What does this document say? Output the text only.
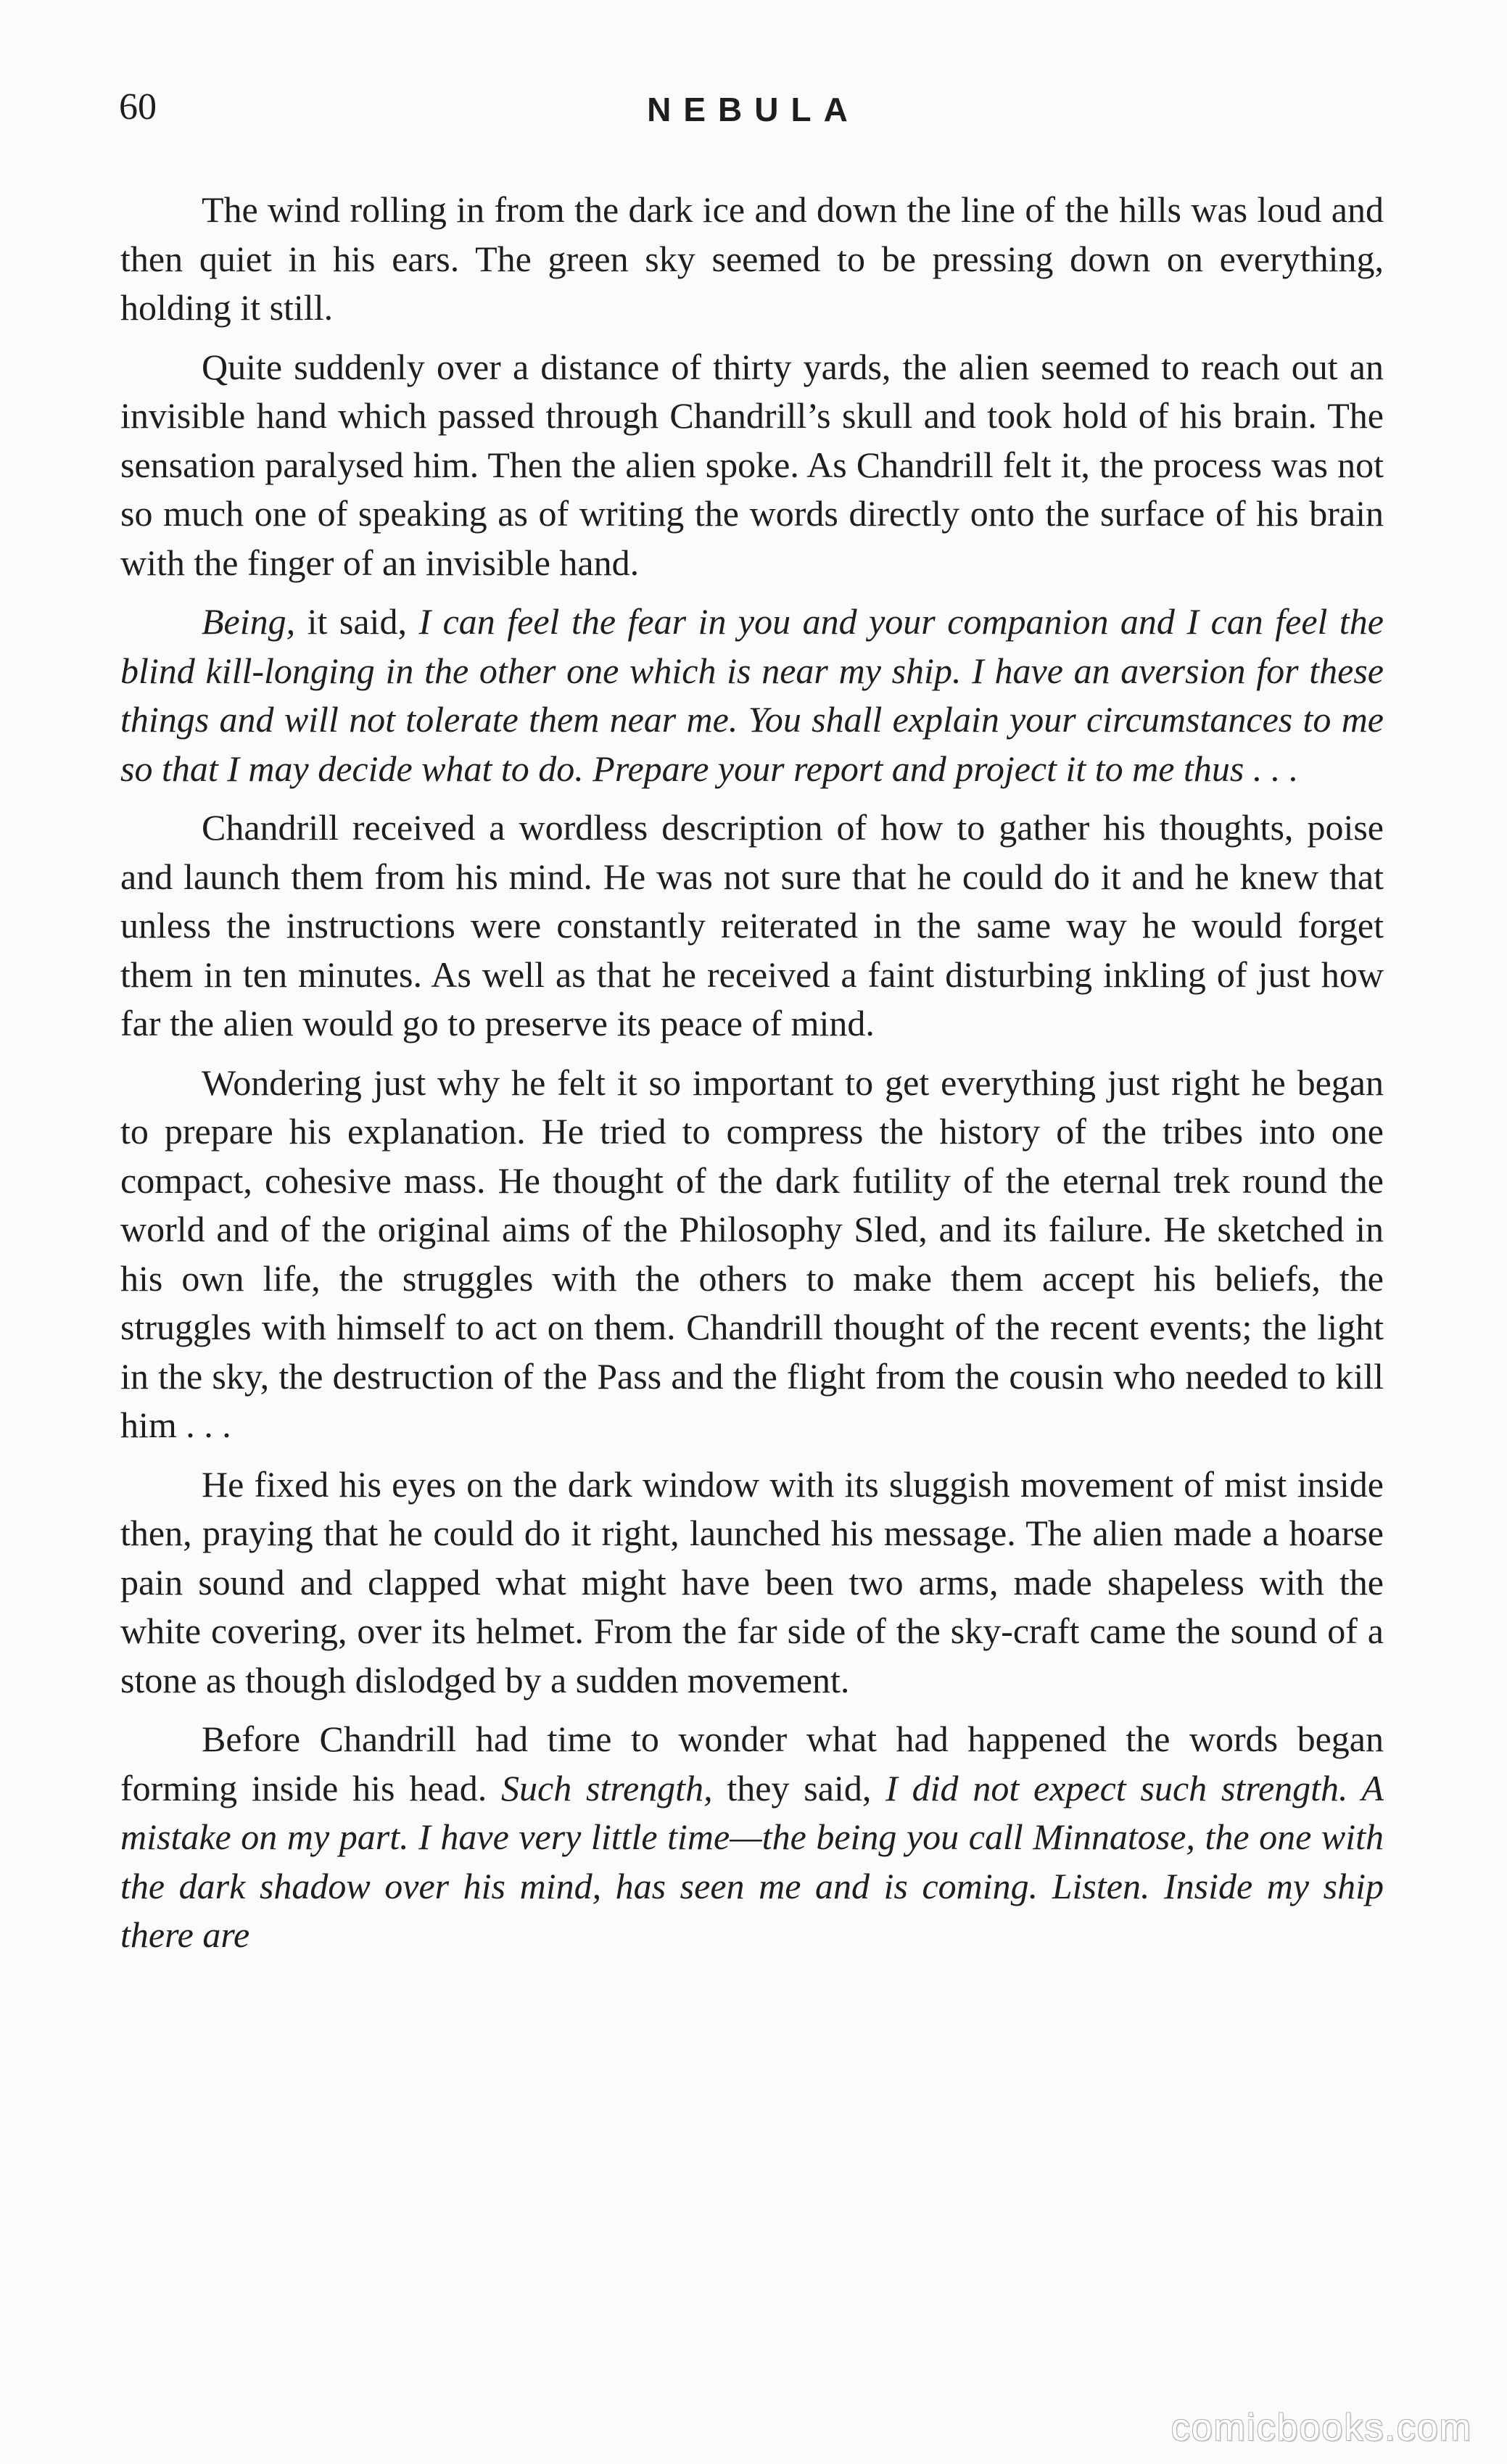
60	NEBULA

The wind rolling in from the dark ice and down the line of the hills was loud and then quiet in his ears. The green sky seemed to be pressing down on everything, holding it still.

Quite suddenly over a distance of thirty yards, the alien seemed to reach out an invisible hand which passed through Chandrill’s skull and took hold of his brain. The sensation paralysed him. Then the alien spoke. As Chandrill felt it, the process was not so much one of speaking as of writing the words directly onto the surface of his brain with the finger of an invisible hand.

Being, it said, I can feel the fear in you and your companion and I can feel the blind kill-longing in the other one which is near my ship. I have an aversion for these things and will not tolerate them near me. You shall explain your circumstances to me so that I may decide what to do. Prepare your report and project it to me thus . . .

Chandrill received a wordless description of how to gather his thoughts, poise and launch them from his mind. He was not sure that he could do it and he knew that unless the instructions were constantly reiterated in the same way he would forget them in ten minutes. As well as that he received a faint disturbing inkling of just how far the alien would go to preserve its peace of mind.

Wondering just why he felt it so important to get everything just right he began to prepare his explanation. He tried to compress the history of the tribes into one compact, cohesive mass. He thought of the dark futility of the eternal trek round the world and of the original aims of the Philosophy Sled, and its failure. He sketched in his own life, the struggles with the others to make them accept his beliefs, the struggles with himself to act on them. Chandrill thought of the recent events; the light in the sky, the destruction of the Pass and the flight from the cousin who needed to kill him . . .

He fixed his eyes on the dark window with its sluggish movement of mist inside then, praying that he could do it right, launched his message. The alien made a hoarse pain sound and clapped what might have been two arms, made shapeless with the white covering, over its helmet. From the far side of the sky-craft came the sound of a stone as though dislodged by a sudden movement.

Before Chandrill had time to wonder what had happened the words began forming inside his head. Such strength, they said, I did not expect such strength. A mistake on my part. I have very little time—the being you call Minnatose, the one with the dark shadow over his mind, has seen me and is coming. Listen. Inside my ship there are

comicbooks.com
